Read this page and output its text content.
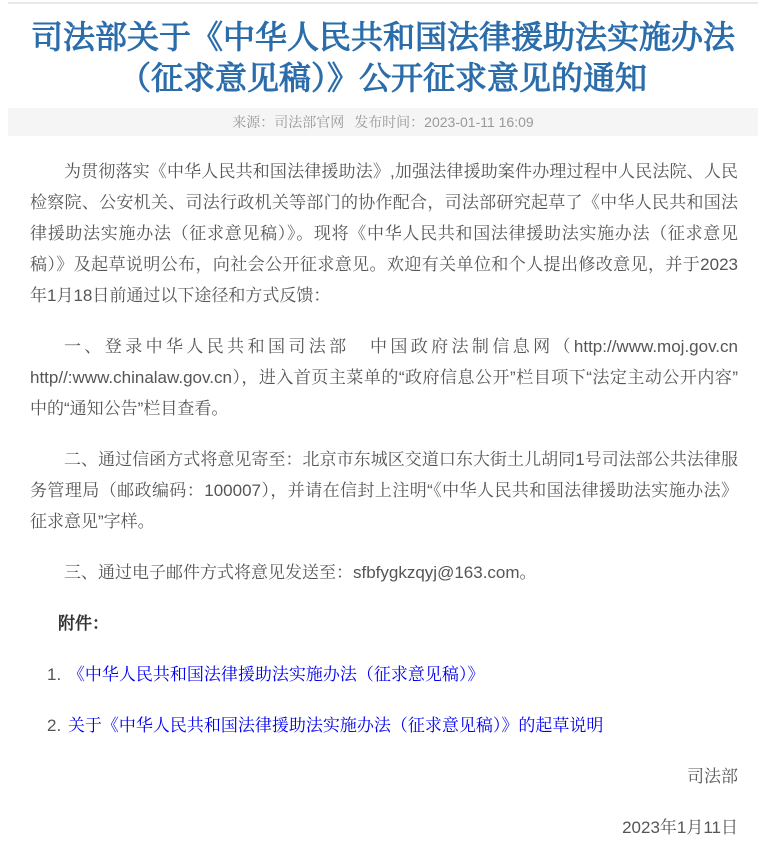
司法部关于《中华人民共和国法律援助法实施办法（征求意见稿）》公开征求意见的通知
来源：司法部官网 发布时间：2023-01-11 16:09

为贯彻落实《中华人民共和国法律援助法》,加强法律援助案件办理过程中人民法院、人民检察院、公安机关、司法行政机关等部门的协作配合，司法部研究起草了《中华人民共和国法律援助法实施办法（征求意见稿）》。现将《中华人民共和国法律援助法实施办法（征求意见稿）》及起草说明公布，向社会公开征求意见。欢迎有关单位和个人提出修改意见，并于2023年1月18日前通过以下途径和方式反馈：

一、登录中华人民共和国司法部　中国政府法制信息网（http://www.moj.gov.cn http//:www.chinalaw.gov.cn），进入首页主菜单的“政府信息公开”栏目项下“法定主动公开内容”中的“通知公告”栏目查看。

二、通过信函方式将意见寄至：北京市东城区交道口东大街土儿胡同1号司法部公共法律服务管理局（邮政编码：100007），并请在信封上注明“《中华人民共和国法律援助法实施办法》征求意见”字样。

三、通过电子邮件方式将意见发送至：sfbfygkzqyj@163.com。

附件：

1. 《中华人民共和国法律援助法实施办法（征求意见稿）》

2. 关于《中华人民共和国法律援助法实施办法（征求意见稿）》的起草说明

司法部

2023年1月11日
